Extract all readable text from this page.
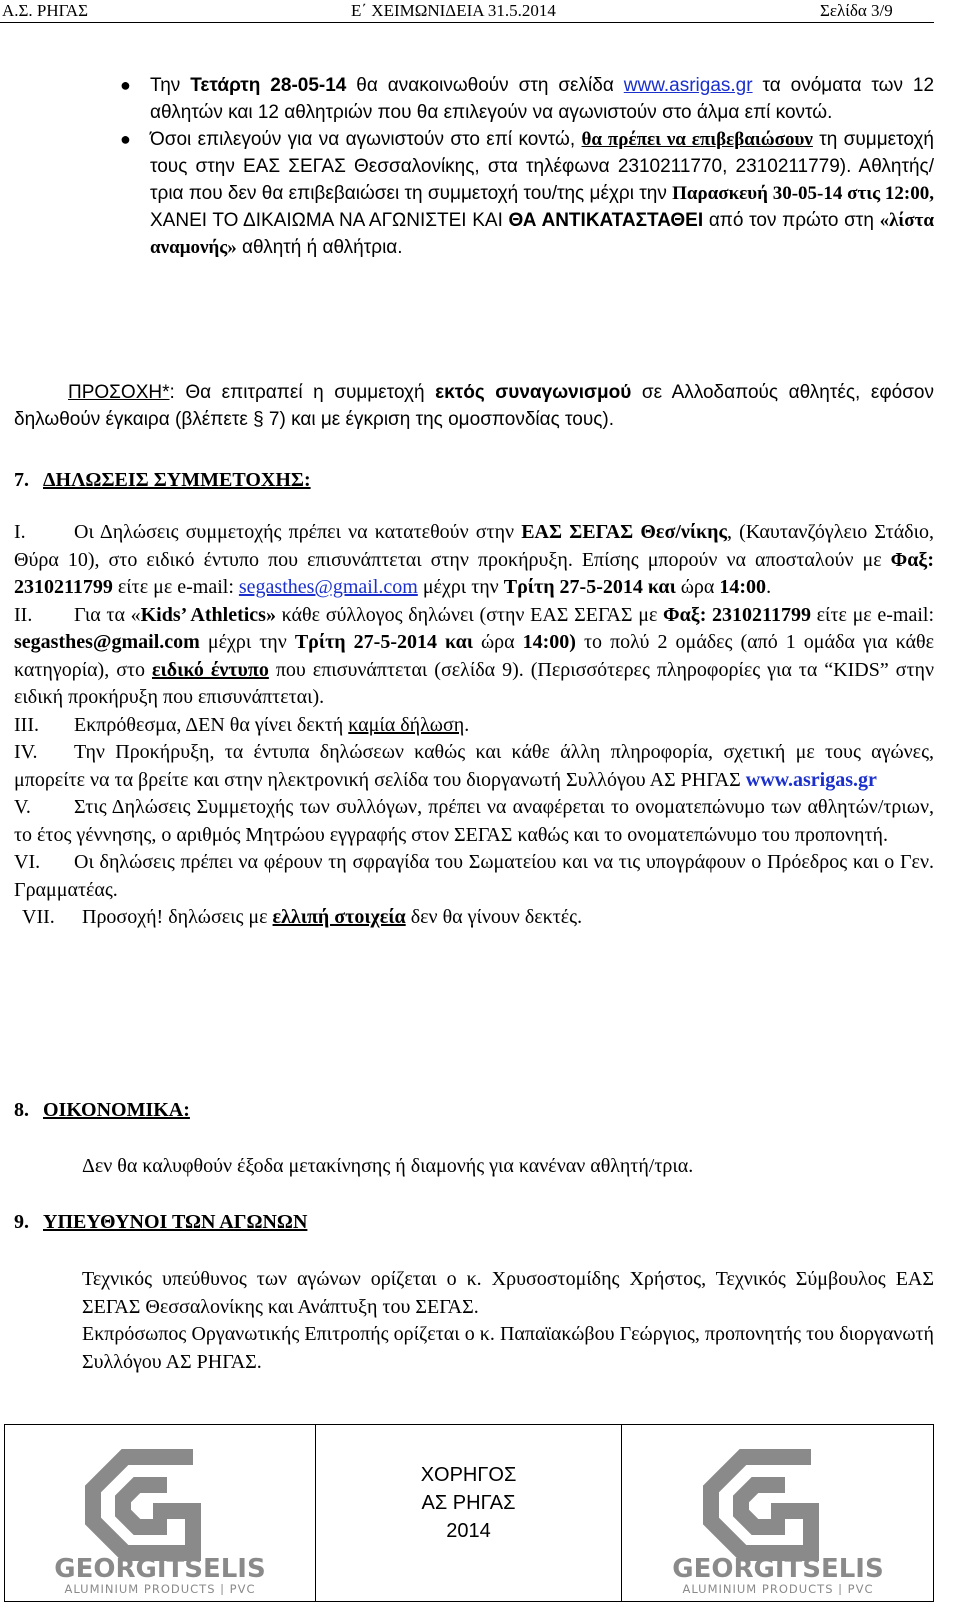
Α.Σ. ΡΗΓΑΣ	Ε΄ ΧΕΙΜΩΝΙΔΕΙΑ 31.5.2014	Σελίδα 3/9
● Την Τετάρτη 28-05-14 θα ανακοινωθούν στη σελίδα www.asrigas.gr τα ονόματα των 12 αθλητών και 12 αθλητριών που θα επιλεγούν να αγωνιστούν στο άλμα επί κοντώ.
● Όσοι επιλεγούν για να αγωνιστούν στο επί κοντώ, θα πρέπει να επιβεβαιώσουν τη συμμετοχή τους στην ΕΑΣ ΣΕΓΑΣ Θεσσαλονίκης, στα τηλέφωνα 2310211770, 2310211779). Αθλητής/τρια που δεν θα επιβεβαιώσει τη συμμετοχή του/της μέχρι την Παρασκευή 30-05-14 στις 12:00, ΧΑΝΕΙ ΤΟ ΔΙΚΑΙΩΜΑ ΝΑ ΑΓΩΝΙΣΤΕΙ ΚΑΙ ΘΑ ΑΝΤΙΚΑΤΑΣΤΑΘΕΙ από τον πρώτο στη «λίστα αναμονής» αθλητή ή αθλήτρια.
ΠΡΟΣΟΧΗ*: Θα επιτραπεί η συμμετοχή εκτός συναγωνισμού σε Αλλοδαπούς αθλητές, εφόσον δηλωθούν έγκαιρα (βλέπετε § 7) και με έγκριση της ομοσπονδίας τους).
7. ΔΗΛΩΣΕΙΣ ΣΥΜΜΕΤΟΧΗΣ:
Ι. Οι Δηλώσεις συμμετοχής πρέπει να κατατεθούν στην ΕΑΣ ΣΕΓΑΣ Θεσ/νίκης, (Καυτανζόγλειο Στάδιο, Θύρα 10), στο ειδικό έντυπο που επισυνάπτεται στην προκήρυξη. Επίσης μπορούν να αποσταλούν με Φαξ: 2310211799 είτε με e-mail: segasthes@gmail.com μέχρι την Τρίτη 27-5-2014 και ώρα 14:00.
ΙΙ. Για τα «Kids’ Athletics» κάθε σύλλογος δηλώνει (στην ΕΑΣ ΣΕΓΑΣ με Φαξ: 2310211799 είτε με e-mail: segasthes@gmail.com μέχρι την Τρίτη 27-5-2014 και ώρα 14:00) το πολύ 2 ομάδες (από 1 ομάδα για κάθε κατηγορία), στο ειδικό έντυπο που επισυνάπτεται (σελίδα 9). (Περισσότερες πληροφορίες για τα “KIDS” στην ειδική προκήρυξη που επισυνάπτεται).
ΙΙΙ. Εκπρόθεσμα, ΔΕΝ θα γίνει δεκτή καμία δήλωση.
IV. Την Προκήρυξη, τα έντυπα δηλώσεων καθώς και κάθε άλλη πληροφορία, σχετική με τους αγώνες, μπορείτε να τα βρείτε και στην ηλεκτρονική σελίδα του διοργανωτή Συλλόγου ΑΣ ΡΗΓΑΣ www.asrigas.gr
V. Στις Δηλώσεις Συμμετοχής των συλλόγων, πρέπει να αναφέρεται το ονοματεπώνυμο των αθλητών/τριων, το έτος γέννησης, ο αριθμός Μητρώου εγγραφής στον ΣΕΓΑΣ καθώς και το ονοματεπώνυμο του προπονητή.
VI. Οι δηλώσεις πρέπει να φέρουν τη σφραγίδα του Σωματείου και να τις υπογράφουν ο Πρόεδρος και ο Γεν. Γραμματέας.
VII. Προσοχή! δηλώσεις με ελλιπή στοιχεία δεν θα γίνουν δεκτές.
8. ΟΙΚΟΝΟΜΙΚΑ:
Δεν θα καλυφθούν έξοδα μετακίνησης ή διαμονής για κανέναν αθλητή/τρια.
9. ΥΠΕΥΘΥΝΟΙ ΤΩΝ ΑΓΩΝΩΝ
Τεχνικός υπεύθυνος των αγώνων ορίζεται ο κ. Χρυσοστομίδης Χρήστος, Τεχνικός Σύμβουλος ΕΑΣ ΣΕΓΑΣ Θεσσαλονίκης και Ανάπτυξη του ΣΕΓΑΣ.
Εκπρόσωπος Οργανωτικής Επιτροπής ορίζεται ο κ. Παπαϊακώβου Γεώργιος, προπονητής του διοργανωτή Συλλόγου ΑΣ ΡΗΓΑΣ.
GEORGITSELIS
ALUMINIUM PRODUCTS | PVC
ΧΟΡΗΓΟΣ
ΑΣ ΡΗΓΑΣ
2014
GEORGITSELIS
ALUMINIUM PRODUCTS | PVC
